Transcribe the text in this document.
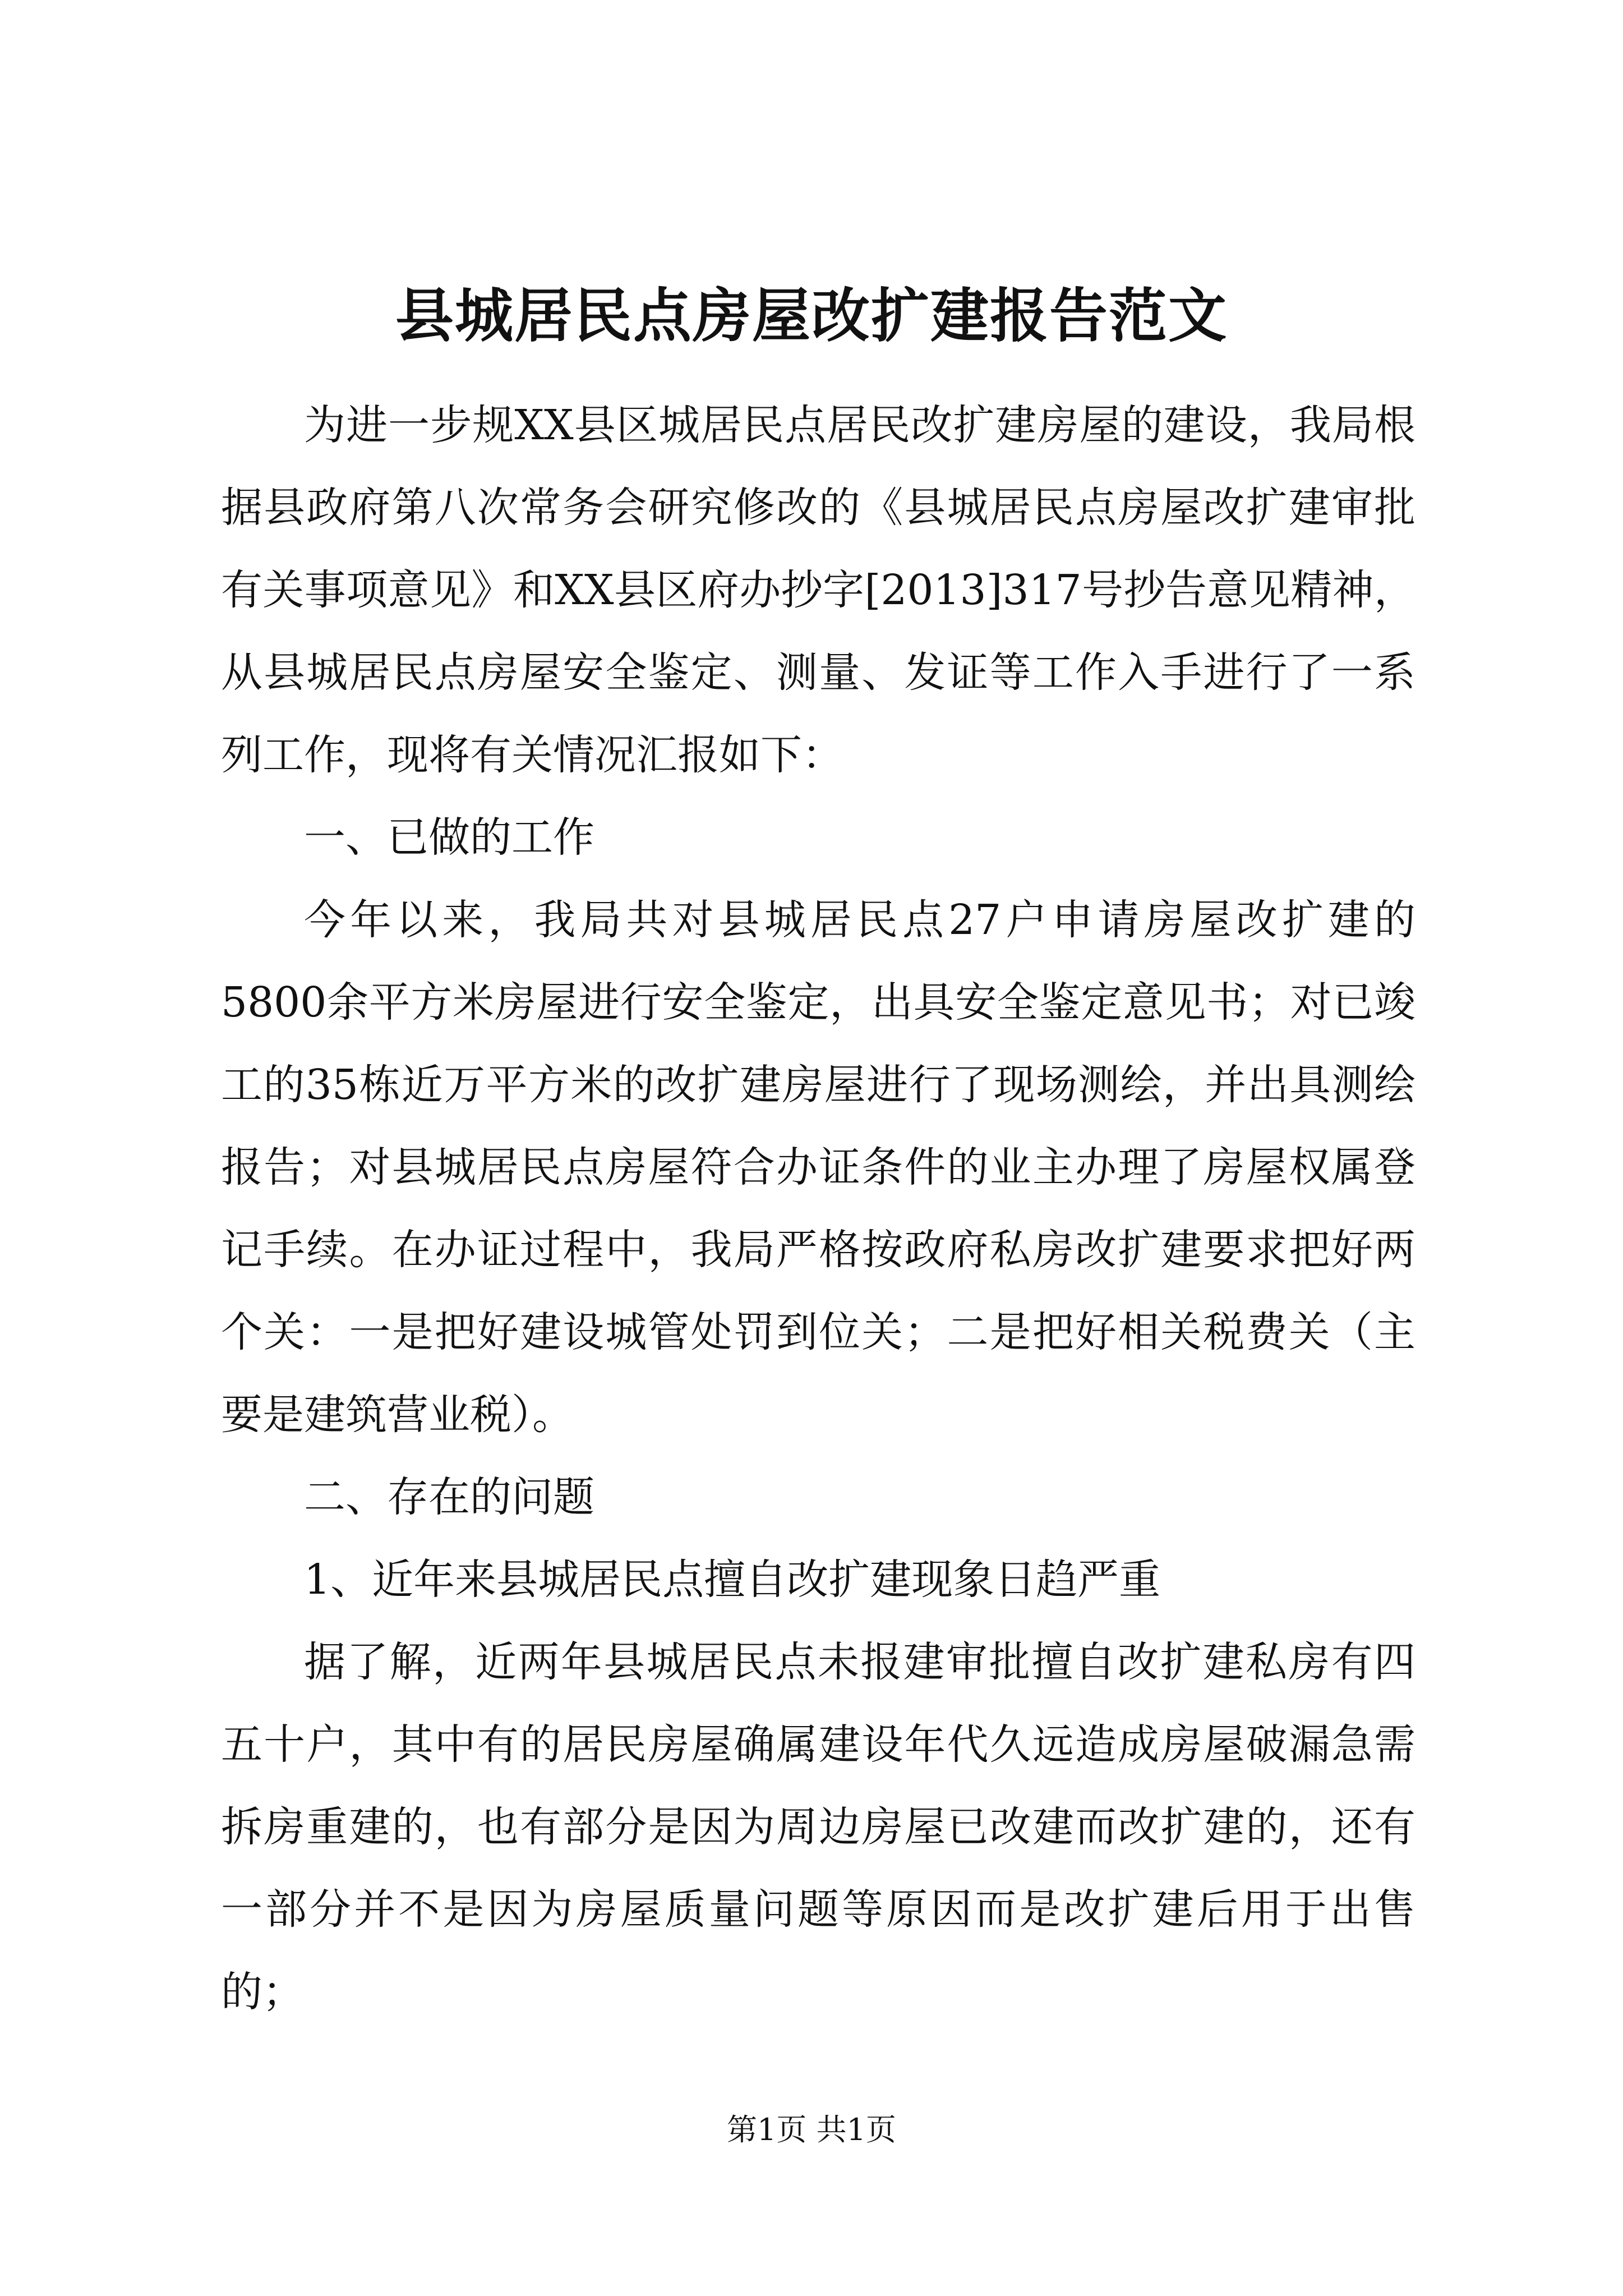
县城居民点房屋改扩建报告范文

为进一步规XX县区城居民点居民改扩建房屋的建设，我局根据县政府第八次常务会研究修改的《县城居民点房屋改扩建审批有关事项意见》和XX县区府办抄字[2013]317号抄告意见精神，从县城居民点房屋安全鉴定、测量、发证等工作入手进行了一系列工作，现将有关情况汇报如下：

一、已做的工作

今年以来，我局共对县城居民点27户申请房屋改扩建的5800余平方米房屋进行安全鉴定，出具安全鉴定意见书；对已竣工的35栋近万平方米的改扩建房屋进行了现场测绘，并出具测绘报告；对县城居民点房屋符合办证条件的业主办理了房屋权属登记手续。在办证过程中，我局严格按政府私房改扩建要求把好两个关：一是把好建设城管处罚到位关；二是把好相关税费关（主要是建筑营业税）。

二、存在的问题

1、近年来县城居民点擅自改扩建现象日趋严重

据了解，近两年县城居民点未报建审批擅自改扩建私房有四五十户，其中有的居民房屋确属建设年代久远造成房屋破漏急需拆房重建的，也有部分是因为周边房屋已改建而改扩建的，还有一部分并不是因为房屋质量问题等原因而是改扩建后用于出售的；

第1页 共1页
